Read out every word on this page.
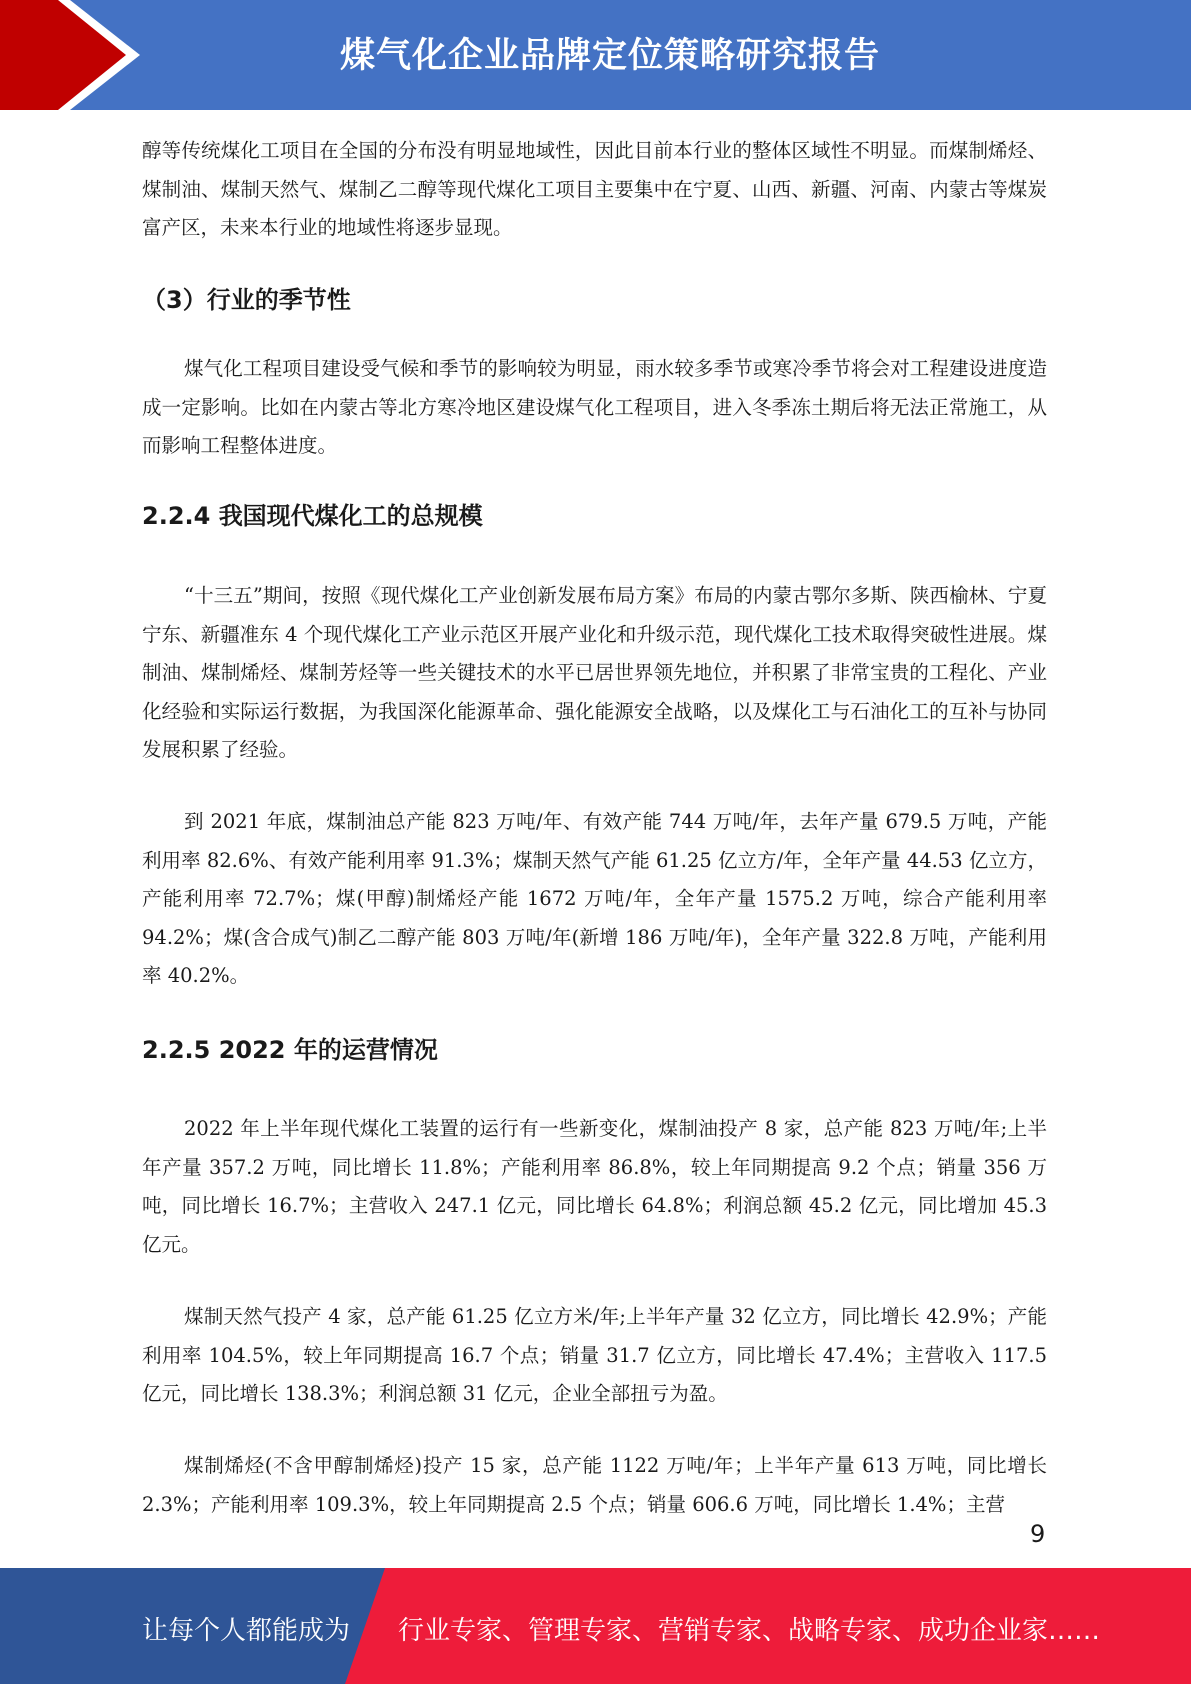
煤气化企业品牌定位策略研究报告

醇等传统煤化工项目在全国的分布没有明显地域性，因此目前本行业的整体区域性不明显。而煤制烯烃、煤制油、煤制天然气、煤制乙二醇等现代煤化工项目主要集中在宁夏、山西、新疆、河南、内蒙古等煤炭富产区，未来本行业的地域性将逐步显现。

（3）行业的季节性

煤气化工程项目建设受气候和季节的影响较为明显，雨水较多季节或寒冷季节将会对工程建设进度造成一定影响。比如在内蒙古等北方寒冷地区建设煤气化工程项目，进入冬季冻土期后将无法正常施工，从而影响工程整体进度。

2.2.4 我国现代煤化工的总规模

“十三五”期间，按照《现代煤化工产业创新发展布局方案》布局的内蒙古鄂尔多斯、陕西榆林、宁夏宁东、新疆准东 4 个现代煤化工产业示范区开展产业化和升级示范，现代煤化工技术取得突破性进展。煤制油、煤制烯烃、煤制芳烃等一些关键技术的水平已居世界领先地位，并积累了非常宝贵的工程化、产业化经验和实际运行数据，为我国深化能源革命、强化能源安全战略，以及煤化工与石油化工的互补与协同发展积累了经验。

到 2021 年底，煤制油总产能 823 万吨/年、有效产能 744 万吨/年，去年产量 679.5 万吨，产能利用率 82.6%、有效产能利用率 91.3%；煤制天然气产能 61.25 亿立方/年，全年产量 44.53 亿立方，产能利用率 72.7%；煤(甲醇)制烯烃产能 1672 万吨/年，全年产量 1575.2 万吨，综合产能利用率 94.2%；煤(含合成气)制乙二醇产能 803 万吨/年(新增 186 万吨/年)，全年产量 322.8 万吨，产能利用率 40.2%。

2.2.5 2022 年的运营情况

2022 年上半年现代煤化工装置的运行有一些新变化，煤制油投产 8 家，总产能 823 万吨/年;上半年产量 357.2 万吨，同比增长 11.8%；产能利用率 86.8%，较上年同期提高 9.2 个点；销量 356 万吨，同比增长 16.7%；主营收入 247.1 亿元，同比增长 64.8%；利润总额 45.2 亿元，同比增加 45.3 亿元。

煤制天然气投产 4 家，总产能 61.25 亿立方米/年;上半年产量 32 亿立方，同比增长 42.9%；产能利用率 104.5%，较上年同期提高 16.7 个点；销量 31.7 亿立方，同比增长 47.4%；主营收入 117.5 亿元，同比增长 138.3%；利润总额 31 亿元，企业全部扭亏为盈。

煤制烯烃(不含甲醇制烯烃)投产 15 家，总产能 1122 万吨/年；上半年产量 613 万吨，同比增长 2.3%；产能利用率 109.3%，较上年同期提高 2.5 个点；销量 606.6 万吨，同比增长 1.4%；主营

9
让每个人都能成为 行业专家、管理专家、营销专家、战略专家、成功企业家……
